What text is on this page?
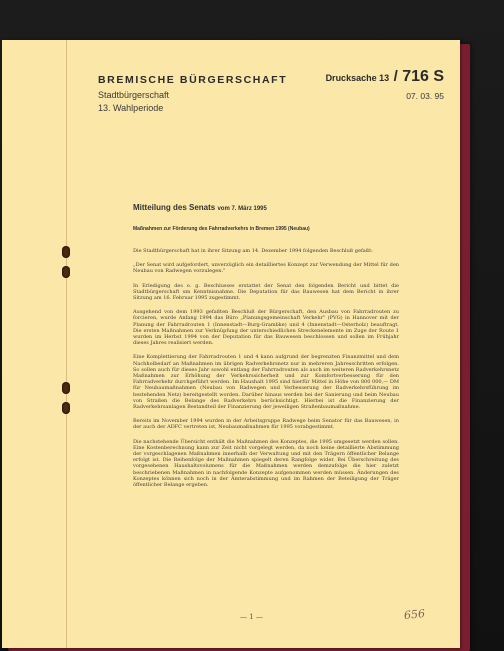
BREMISCHE BÜRGERSCHAFT	Drucksache 13 / 716 S
Stadtbürgerschaft	07. 03. 95
13. Wahlperiode
Mitteilung des Senats vom 7. März 1995
Maßnahmen zur Förderung des Fahrradverkehrs in Bremen 1995 (Neubau)

Die Stadtbürgerschaft hat in ihrer Sitzung am 14. Dezember 1994 folgenden Beschluß gefaßt:

„Der Senat wird aufgefordert, unverzüglich ein detailliertes Konzept zur Verwendung der Mittel für den Neubau von Radwegen vorzulegen."

In Erledigung des o. g. Beschlusses erstattet der Senat den folgenden Bericht und bittet die Stadtbürgerschaft um Kenntnisnahme. Die Deputation für das Bauwesen hat dem Bericht in ihrer Sitzung am 16. Februar 1995 zugestimmt.

Ausgehend von dem 1993 gefaßten Beschluß der Bürgerschaft, den Ausbau von Fahrradrouten zu forcieren, wurde Anfang 1994 das Büro „Planungsgemeinschaft Verkehr" (PVG) in Hannover mit der Planung der Fahrradrouten 1 (Innenstadt—Burg-Grambke) und 4 (Innenstadt—Osterholz) beauftragt. Die ersten Maßnahmen zur Verknüpfung der unterschiedlichen Streckenelemente im Zuge der Route 1 wurden im Herbst 1994 von der Deputation für das Bauwesen beschlossen und sollen im Frühjahr dieses Jahres realisiert werden.

Eine Komplettierung der Fahrradrouten 1 und 4 kann aufgrund der begrenzten Finanzmittel und dem Nachholbedarf an Maßnahmen im übrigen Radverkehrsnetz nur in mehreren Jahresschritten erfolgen. So sollen auch für dieses Jahr sowohl entlang der Fahrradrouten als auch im weiteren Radverkehrsnetz Maßnahmen zur Erhöhung der Verkehrssicherheit und zur Komfortverbesserung für den Fahrradverkehr durchgeführt werden. Im Haushalt 1995 sind hierfür Mittel in Höhe von 800 000,— DM für Neubaumaßnahmen (Neubau von Radwegen und Verbesserung der Radverkehrsführung im bestehenden Netz) bereitgestellt worden. Darüber hinaus werden bei der Sanierung und beim Neubau von Straßen die Belange des Radverkehrs berücksichtigt. Hierbei ist die Finanzierung der Radverkehrsanlagen Bestandteil der Finanzierung der jeweiligen Straßenbaumaßnahme.

Bereits im November 1994 wurden in der Arbeitsgruppe Radwege beim Senator für das Bauwesen, in der auch der ADFC vertreten ist, Neubaumaßnahmen für 1995 vorabgestimmt.

Die nachstehende Übersicht enthält die Maßnahmen des Konzeptes, die 1995 umgesetzt werden sollen. Eine Kostenberechnung kann zur Zeit nicht vorgelegt werden, da noch keine detaillierte Abstimmung der vorgeschlagenen Maßnahmen innerhalb der Verwaltung und mit den Trägern öffentlicher Belange erfolgt ist. Die Reihenfolge der Maßnahmen spiegelt deren Rangfolge wider. Bei Überschreitung des vorgesehenen Haushaltsvolumens für die Maßnahmen werden demzufolge die hier zuletzt beschriebenen Maßnahmen in nachfolgende Konzepte aufgenommen werden müssen. Änderungen des Konzeptes können sich noch in der Ämterabstimmung und im Rahmen der Beteiligung der Träger öffentlicher Belange ergeben.

— 1 —	656
